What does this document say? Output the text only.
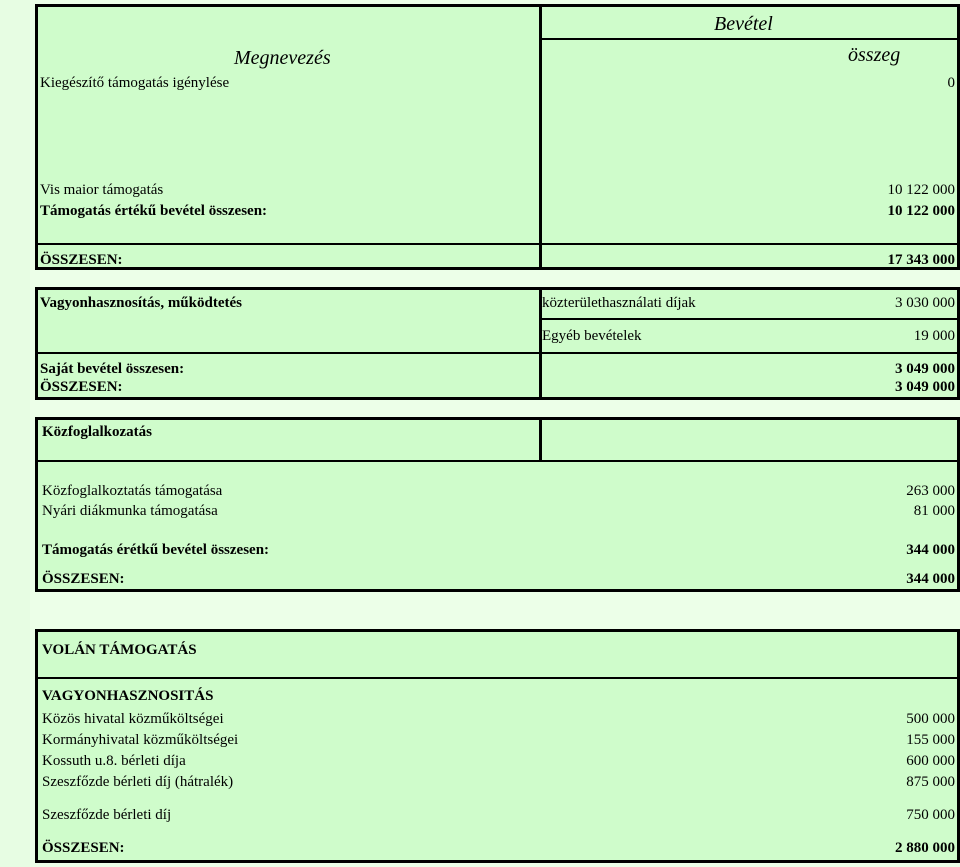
Bevétel
Megnevezés	összeg
Kiegészítő támogatás igénylése	0
Vis maior támogatás	10 122 000
Támogatás értékű bevétel összesen:	10 122 000
ÖSSZESEN:	17 343 000
Vagyonhasznosítás, működtetés	közterülethasználati díjak	3 030 000
Egyéb bevételek	19 000
Saját bevétel összesen:	3 049 000
ÖSSZESEN:	3 049 000
Közfoglalkozatás
Közfoglalkoztatás támogatása	263 000
Nyári diákmunka támogatása	81 000
Támogatás érétkű bevétel összesen:	344 000
ÖSSZESEN:	344 000
VOLÁN TÁMOGATÁS
VAGYONHASZNOSITÁS
Közös hivatal közműköltségei	500 000
Kormányhivatal közműköltségei	155 000
Kossuth u.8. bérleti díja	600 000
Szeszfőzde bérleti díj (hátralék)	875 000
Szeszfőzde bérleti díj	750 000
ÖSSZESEN:	2 880 000
